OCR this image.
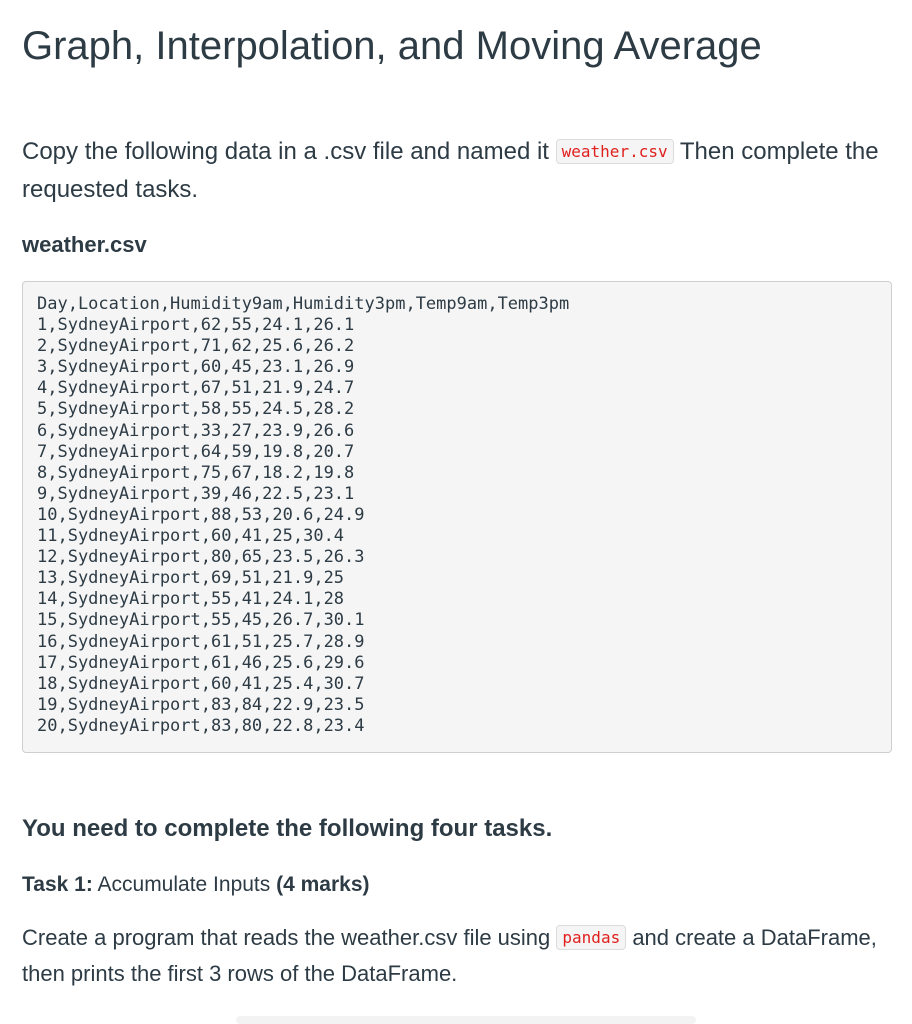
Graph, Interpolation, and Moving Average

Copy the following data in a .csv file and named it weather.csv Then complete the requested tasks.

weather.csv
Day,Location,Humidity9am,Humidity3pm,Temp9am,Temp3pm
1,SydneyAirport,62,55,24.1,26.1
2,SydneyAirport,71,62,25.6,26.2
3,SydneyAirport,60,45,23.1,26.9
4,SydneyAirport,67,51,21.9,24.7
5,SydneyAirport,58,55,24.5,28.2
6,SydneyAirport,33,27,23.9,26.6
7,SydneyAirport,64,59,19.8,20.7
8,SydneyAirport,75,67,18.2,19.8
9,SydneyAirport,39,46,22.5,23.1
10,SydneyAirport,88,53,20.6,24.9
11,SydneyAirport,60,41,25,30.4
12,SydneyAirport,80,65,23.5,26.3
13,SydneyAirport,69,51,21.9,25
14,SydneyAirport,55,41,24.1,28
15,SydneyAirport,55,45,26.7,30.1
16,SydneyAirport,61,51,25.7,28.9
17,SydneyAirport,61,46,25.6,29.6
18,SydneyAirport,60,41,25.4,30.7
19,SydneyAirport,83,84,22.9,23.5
20,SydneyAirport,83,80,22.8,23.4
You need to complete the following four tasks.
Task 1: Accumulate Inputs (4 marks)

Create a program that reads the weather.csv file using pandas and create a DataFrame, then prints the first 3 rows of the DataFrame.
